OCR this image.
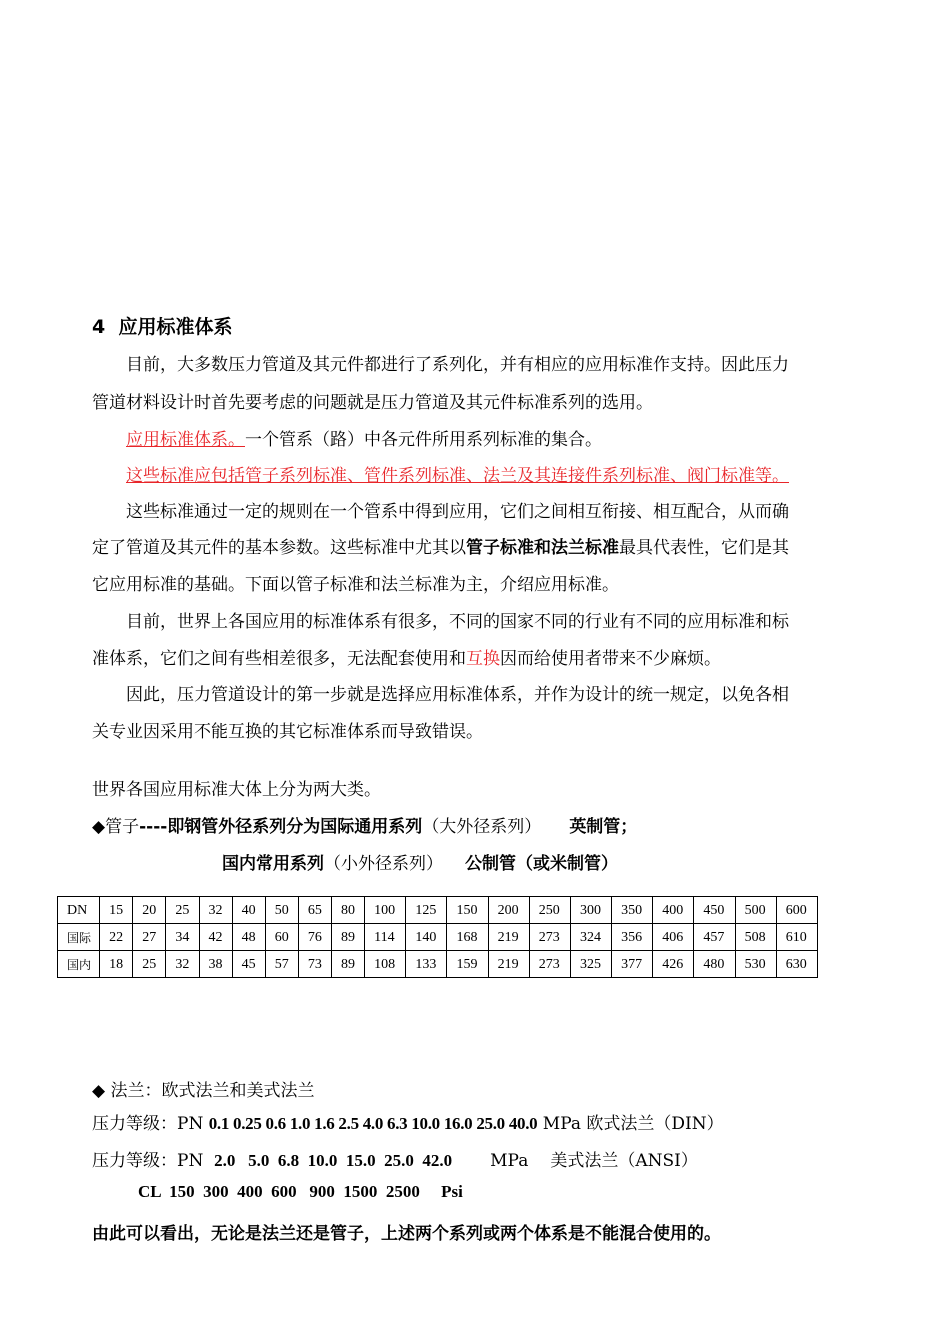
4 应用标准体系
目前，大多数压力管道及其元件都进行了系列化，并有相应的应用标准作支持。因此压力
管道材料设计时首先要考虑的问题就是压力管道及其元件标准系列的选用。
应用标准体系。一个管系（路）中各元件所用系列标准的集合。
这些标准应包括管子系列标准、管件系列标准、法兰及其连接件系列标准、阀门标准等。
这些标准通过一定的规则在一个管系中得到应用，它们之间相互衔接、相互配合，从而确
定了管道及其元件的基本参数。这些标准中尤其以管子标准和法兰标准最具代表性，它们是其
它应用标准的基础。下面以管子标准和法兰标准为主，介绍应用标准。
目前，世界上各国应用的标准体系有很多，不同的国家不同的行业有不同的应用标准和标
准体系，它们之间有些相差很多，无法配套使用和互换因而给使用者带来不少麻烦。
因此，压力管道设计的第一步就是选择应用标准体系，并作为设计的统一规定，以免各相
关专业因采用不能互换的其它标准体系而导致错误。
世界各国应用标准大体上分为两大类。
◆管子----即钢管外径系列分为国际通用系列（大外径系列） 英制管；
国内常用系列（小外径系列） 公制管（或米制管）
DN	15	20	25	32	40	50	65	80	100	125	150	200	250	300	350	400	450	500	600
国际	22	27	34	42	48	60	76	89	114	140	168	219	273	324	356	406	457	508	610
国内	18	25	32	38	45	57	73	89	108	133	159	219	273	325	377	426	480	530	630
◆ 法兰：欧式法兰和美式法兰
压力等级：PN 0.1 0.25 0.6 1.0 1.6 2.5 4.0 6.3 10.0 16.0 25.0 40.0 MPa 欧式法兰（DIN）
压力等级：PN 2.0   5.0  6.8  10.0  15.0  25.0  42.0 MPa 美式法兰（ANSI）
CL  150  300  400  600   900  1500  2500     Psi
由此可以看出，无论是法兰还是管子，上述两个系列或两个体系是不能混合使用的。
